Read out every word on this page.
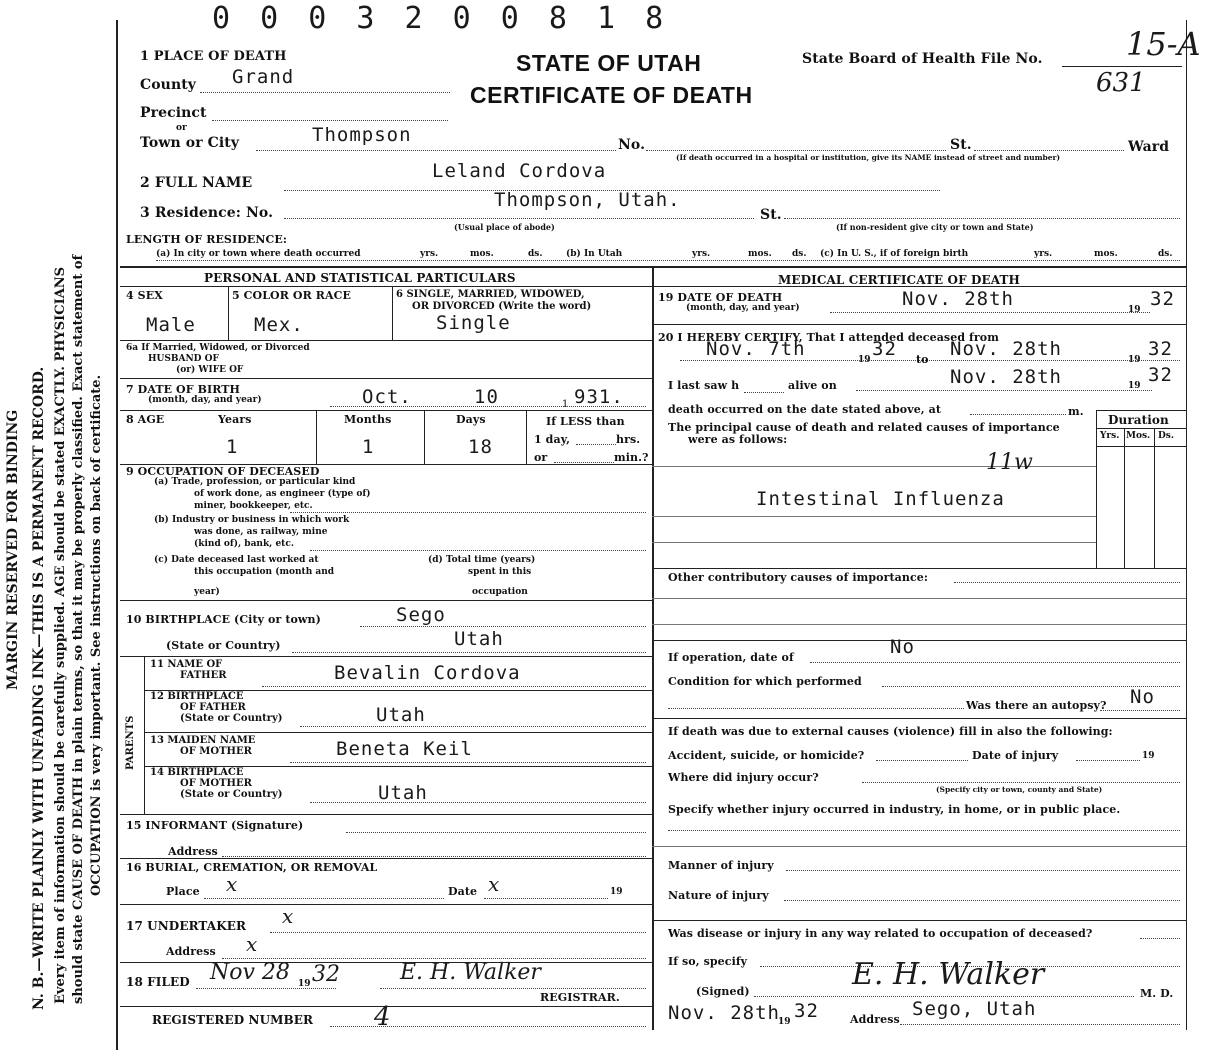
0 0 0 3 2 0 0 8 1 8
MARGIN RESERVED FOR BINDING N. B.—WRITE PLAINLY WITH UNFADING INK—THIS IS A PERMANENT RECORD. Every item of information should be carefully supplied. AGE should be stated EXACTLY. PHYSICIANS should state CAUSE OF DEATH in plain terms, so that it may be properly classified. Exact statement of OCCUPATION is very important. See instructions on back of certificate.
1 PLACE OF DEATH	STATE OF UTAH
CERTIFICATE OF DEATH
State Board of Health File No.	15-A
631
County Grand
Precinct
or
Town or City	Thompson	No.	St.	Ward
(If death occurred in a hospital or institution, give its NAME instead of street and number)
2 FULL NAME
Leland Cordova
3 Residence: No.
Thompson, Utah.
St.
(Usual place of abode)	(If non-resident give city or town and State)
LENGTH OF RESIDENCE:
(a) In city or town where death occurred	yrs.	mos.	ds.	(b) In Utah	yrs.	mos. ds. (c) In U. S., if of foreign birth	yrs.	mos.	ds.
PERSONAL AND STATISTICAL PARTICULARS
4 SEX	5 COLOR OR RACE	6 SINGLE, MARRIED, WIDOWED,
OR DIVORCED (Write the word)
Male	Mex.	Single
6a If Married, Widowed, or Divorced
HUSBAND OF
(or) WIFE OF
7 DATE OF BIRTH
(month, day, and year)	Oct.	10	1 931.
8 AGE	Years	Months	Days	If LESS than
1 day,	hrs.
or	min.?
1	1	18
9 OCCUPATION OF DECEASED
(a) Trade, profession, or particular kind
of work done, as engineer (type of)
miner, bookkeeper, etc.
(b) Industry or business in which work
was done, as railway, mine
(kind of), bank, etc.
(c) Date deceased last worked at
this occupation (month and
year)
(d) Total time (years)
spent in this
occupation
10 BIRTHPLACE (City or town)	Sego
(State or Country)	Utah
PARENTS
11 NAME OF
FATHER	Bevalin Cordova
12 BIRTHPLACE
OF FATHER
(State or Country)	Utah
13 MAIDEN NAME
OF MOTHER	Beneta Keil
14 BIRTHPLACE
OF MOTHER
(State or Country)	Utah
15 INFORMANT (Signature)
Address
16 BURIAL, CREMATION, OR REMOVAL
Place x	Date x	19
17 UNDERTAKER x
Address x
18 FILED Nov 28 19 32	E. H. Walker
REGISTRAR.
REGISTERED NUMBER 4
MEDICAL CERTIFICATE OF DEATH
19 DATE OF DEATH
(month, day, and year)	Nov. 28th	19 32
20 I HEREBY CERTIFY, That I attended deceased from
Nov. 7th	19 32 to Nov. 28th	19 32
I last saw h	alive on	Nov. 28th	19 32
death occurred on the date stated above, at	m.
The principal cause of death and related causes of importance
were as follows:
Duration
Yrs. Mos. Ds.
11w
Intestinal Influenza
Other contributory causes of importance:
If operation, date of	No
Condition for which performed
Was there an autopsy? No
If death was due to external causes (violence) fill in also the following:
Accident, suicide, or homicide?	Date of injury	19
Where did injury occur?
(Specify city or town, county and State)
Specify whether injury occurred in industry, in home, or in public place.
Manner of injury
Nature of injury
Was disease or injury in any way related to occupation of deceased?
If so, specify
(Signed)	E. H. Walker
M. D.
Nov. 28th
19 32	Address Sego, Utah
